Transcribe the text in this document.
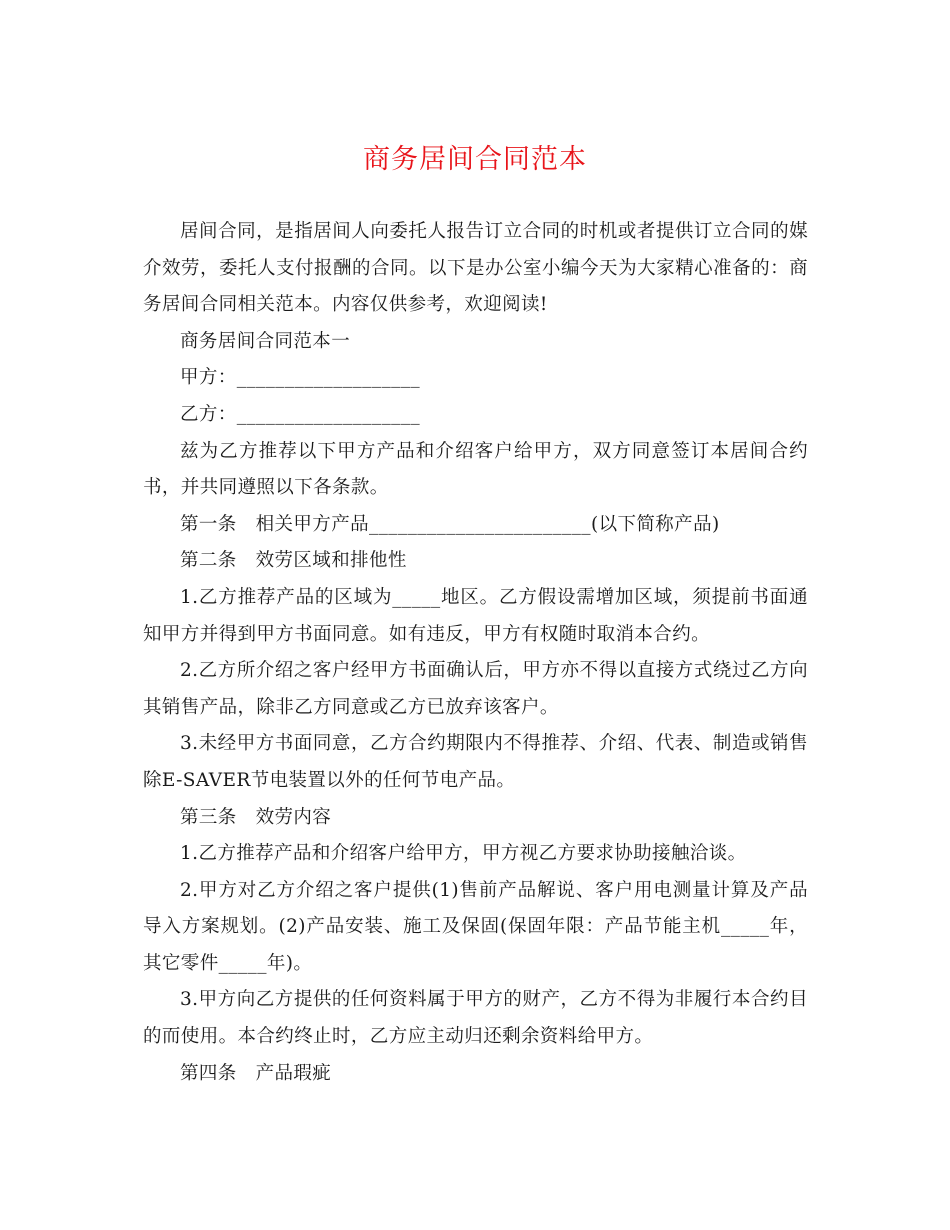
商务居间合同范本

居间合同，是指居间人向委托人报告订立合同的时机或者提供订立合同的媒介效劳，委托人支付报酬的合同。以下是办公室小编今天为大家精心准备的：商务居间合同相关范本。内容仅供参考，欢迎阅读!

商务居间合同范本一

甲方：___________________

乙方：___________________

兹为乙方推荐以下甲方产品和介绍客户给甲方，双方同意签订本居间合约书，并共同遵照以下各条款。

第一条　相关甲方产品_______________________(以下简称产品)

第二条　效劳区域和排他性

1.乙方推荐产品的区域为_____地区。乙方假设需增加区域，须提前书面通知甲方并得到甲方书面同意。如有违反，甲方有权随时取消本合约。

2.乙方所介绍之客户经甲方书面确认后，甲方亦不得以直接方式绕过乙方向其销售产品，除非乙方同意或乙方已放弃该客户。

3.未经甲方书面同意，乙方合约期限内不得推荐、介绍、代表、制造或销售除E-SAVER节电装置以外的任何节电产品。

第三条　效劳内容

1.乙方推荐产品和介绍客户给甲方，甲方视乙方要求协助接触洽谈。

2.甲方对乙方介绍之客户提供(1)售前产品解说、客户用电测量计算及产品导入方案规划。(2)产品安装、施工及保固(保固年限：产品节能主机_____年，其它零件_____年)。

3.甲方向乙方提供的任何资料属于甲方的财产，乙方不得为非履行本合约目的而使用。本合约终止时，乙方应主动归还剩余资料给甲方。

第四条　产品瑕疵
